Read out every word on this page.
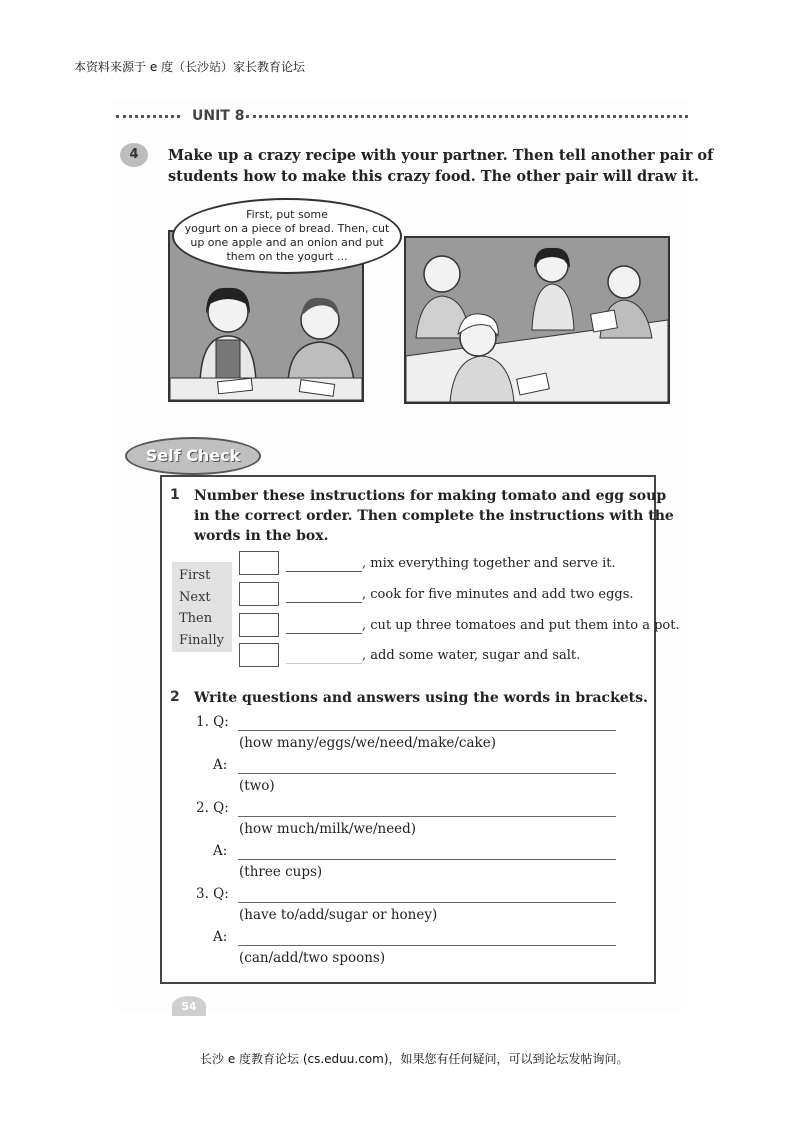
本资料来源于 e 度（长沙站）家长教育论坛
长沙 e 度教育论坛 (cs.eduu.com)，如果您有任何疑问，可以到论坛发帖询问。
UNIT 8
4	Make up a crazy recipe with your partner. Then tell another pair of
students how to make this crazy food. The other pair will draw it.
First, put some
yogurt on a piece of bread. Then, cut
up one apple and an onion and put
them on the yogurt ...
Self Check
1 Number these instructions for making tomato and egg soup
in the correct order. Then complete the instructions with the
words in the box.
First
Next
Then
Finally
, mix everything together and serve it.
, cook for five minutes and add two eggs.
, cut up three tomatoes and put them into a pot.
, add some water, sugar and salt.
2 Write questions and answers using the words in brackets.
1. Q:
(how many/eggs/we/need/make/cake)
A:
(two)
2. Q:
(how much/milk/we/need)
A:
(three cups)
3. Q:
(have to/add/sugar or honey)
A:
(can/add/two spoons)
54
